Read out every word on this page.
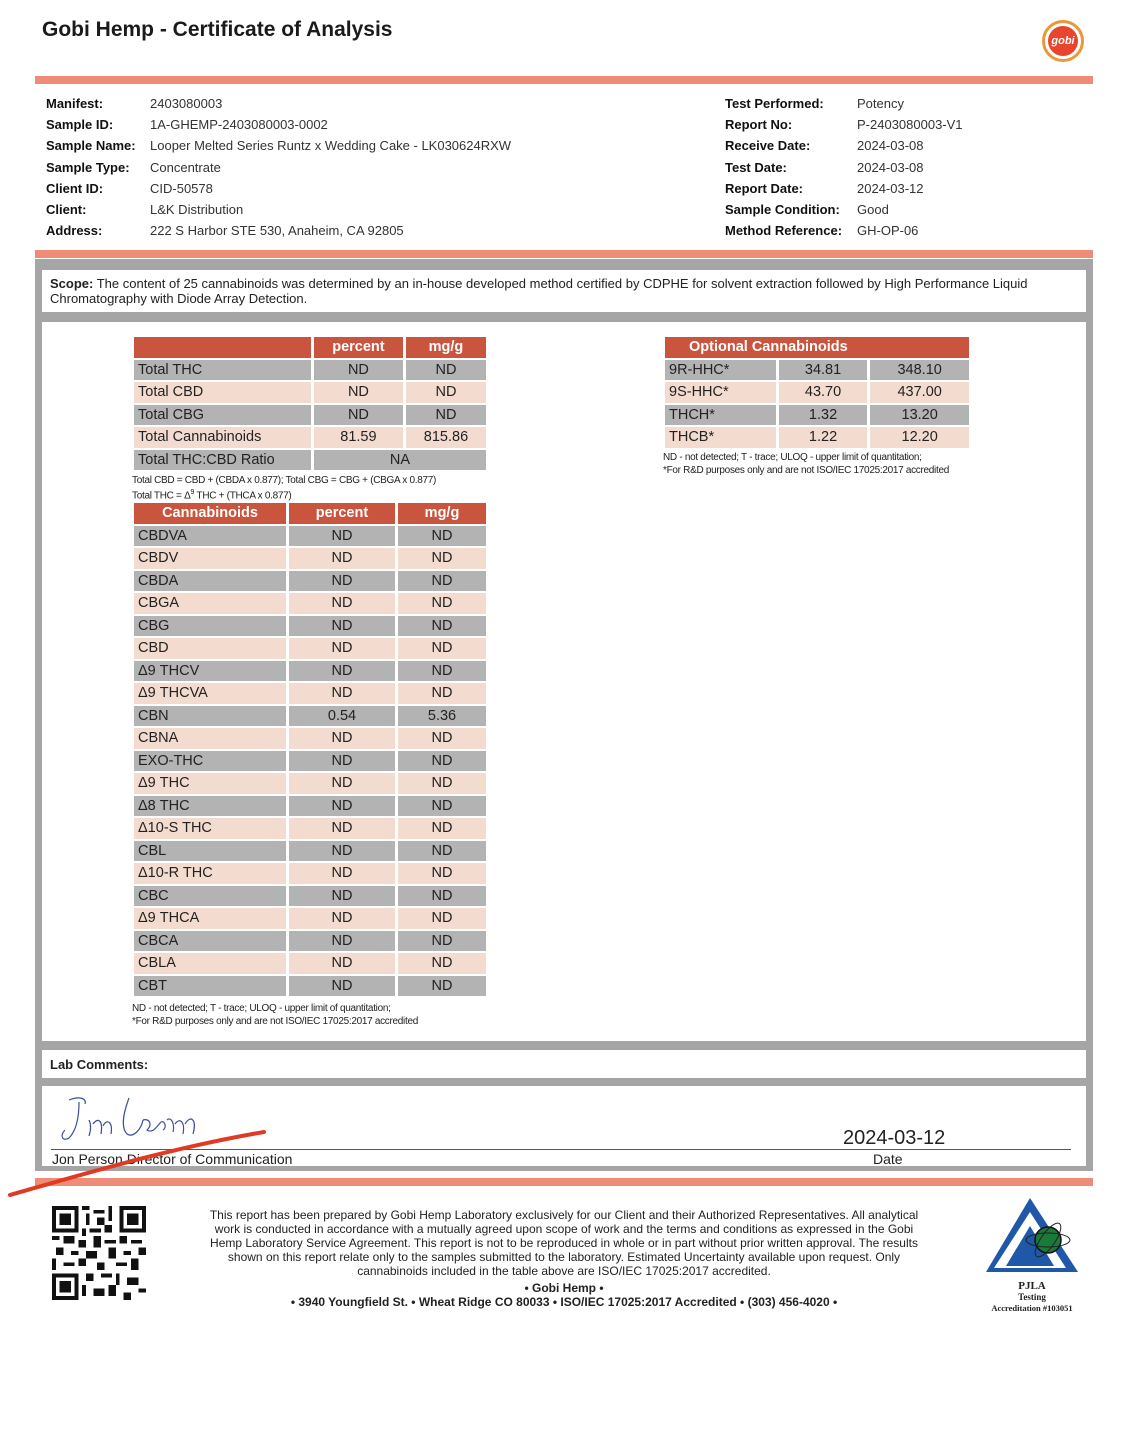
Gobi Hemp - Certificate of Analysis	gobi
Manifest:	2403080003
Sample ID:	1A-GHEMP-2403080003-0002
Sample Name: Looper Melted Series Runtz x Wedding Cake - LK030624RXW
Sample Type: Concentrate
Client ID:	CID-50578
Client:	L&K Distribution
Address:	222 S Harbor STE 530, Anaheim, CA 92805
Test Performed:	Potency
Report No:	P-2403080003-V1
Receive Date:	2024-03-08
Test Date:	2024-03-08
Report Date:	2024-03-12
Sample Condition: Good
Method Reference: GH-OP-06
Scope: The content of 25 cannabinoids was determined by an in-house developed method certified by CDPHE for solvent extraction followed by High Performance Liquid Chromatography with Diode Array Detection.
	percent	mg/g
Total THC	ND	ND
Total CBD	ND	ND
Total CBG	ND	ND
Total Cannabinoids	81.59	815.86
Total THC:CBD Ratio	NA	
Total CBD = CBD + (CBDA x 0.877); Total CBG = CBG + (CBGA x 0.877)
Total THC = $\Delta^9$ THC + (THCA x 0.877)
Cannabinoids	percent	mg/g
CBDVA	ND	ND
CBDV	ND	ND
CBDA	ND	ND
CBGA	ND	ND
CBG	ND	ND
CBD	ND	ND
Δ9 THCV	ND	ND
Δ9 THCVA	ND	ND
CBN	0.54	5.36
CBNA	ND	ND
EXO-THC	ND	ND
Δ9 THC	ND	ND
Δ8 THC	ND	ND
Δ10-S THC	ND	ND
CBL	ND	ND
Δ10-R THC	ND	ND
CBC	ND	ND
Δ9 THCA	ND	ND
CBCA	ND	ND
CBLA	ND	ND
CBT	ND	ND
ND - not detected; T - trace; ULOQ - upper limit of quantitation;
*For R&D purposes only and are not ISO/IEC 17025:2017 accredited
Optional Cannabinoids		
9R-HHC*	34.81	348.10
9S-HHC*	43.70	437.00
THCH*	1.32	13.20
THCB*	1.22	12.20
ND - not detected; T - trace; ULOQ - upper limit of quantitation;
*For R&D purposes only and are not ISO/IEC 17025:2017 accredited
Lab Comments:
2024-03-12
Jon Person Director of Communication	Date
This report has been prepared by Gobi Hemp Laboratory exclusively for our Client and their Authorized Representatives. All analytical work is conducted in accordance with a mutually agreed upon scope of work and the terms and conditions as expressed in the Gobi Hemp Laboratory Service Agreement. This report is not to be reproduced in whole or in part without prior written approval. The results shown on this report relate only to the samples submitted to the laboratory. Estimated Uncertainty available upon request. Only cannabinoids included in the table above are ISO/IEC 17025:2017 accredited.
• Gobi Hemp •
• 3940 Youngfield St. • Wheat Ridge CO 80033 • ISO/IEC 17025:2017 Accredited • (303) 456-4020 •
PJLA
Testing
Accreditation #103051
